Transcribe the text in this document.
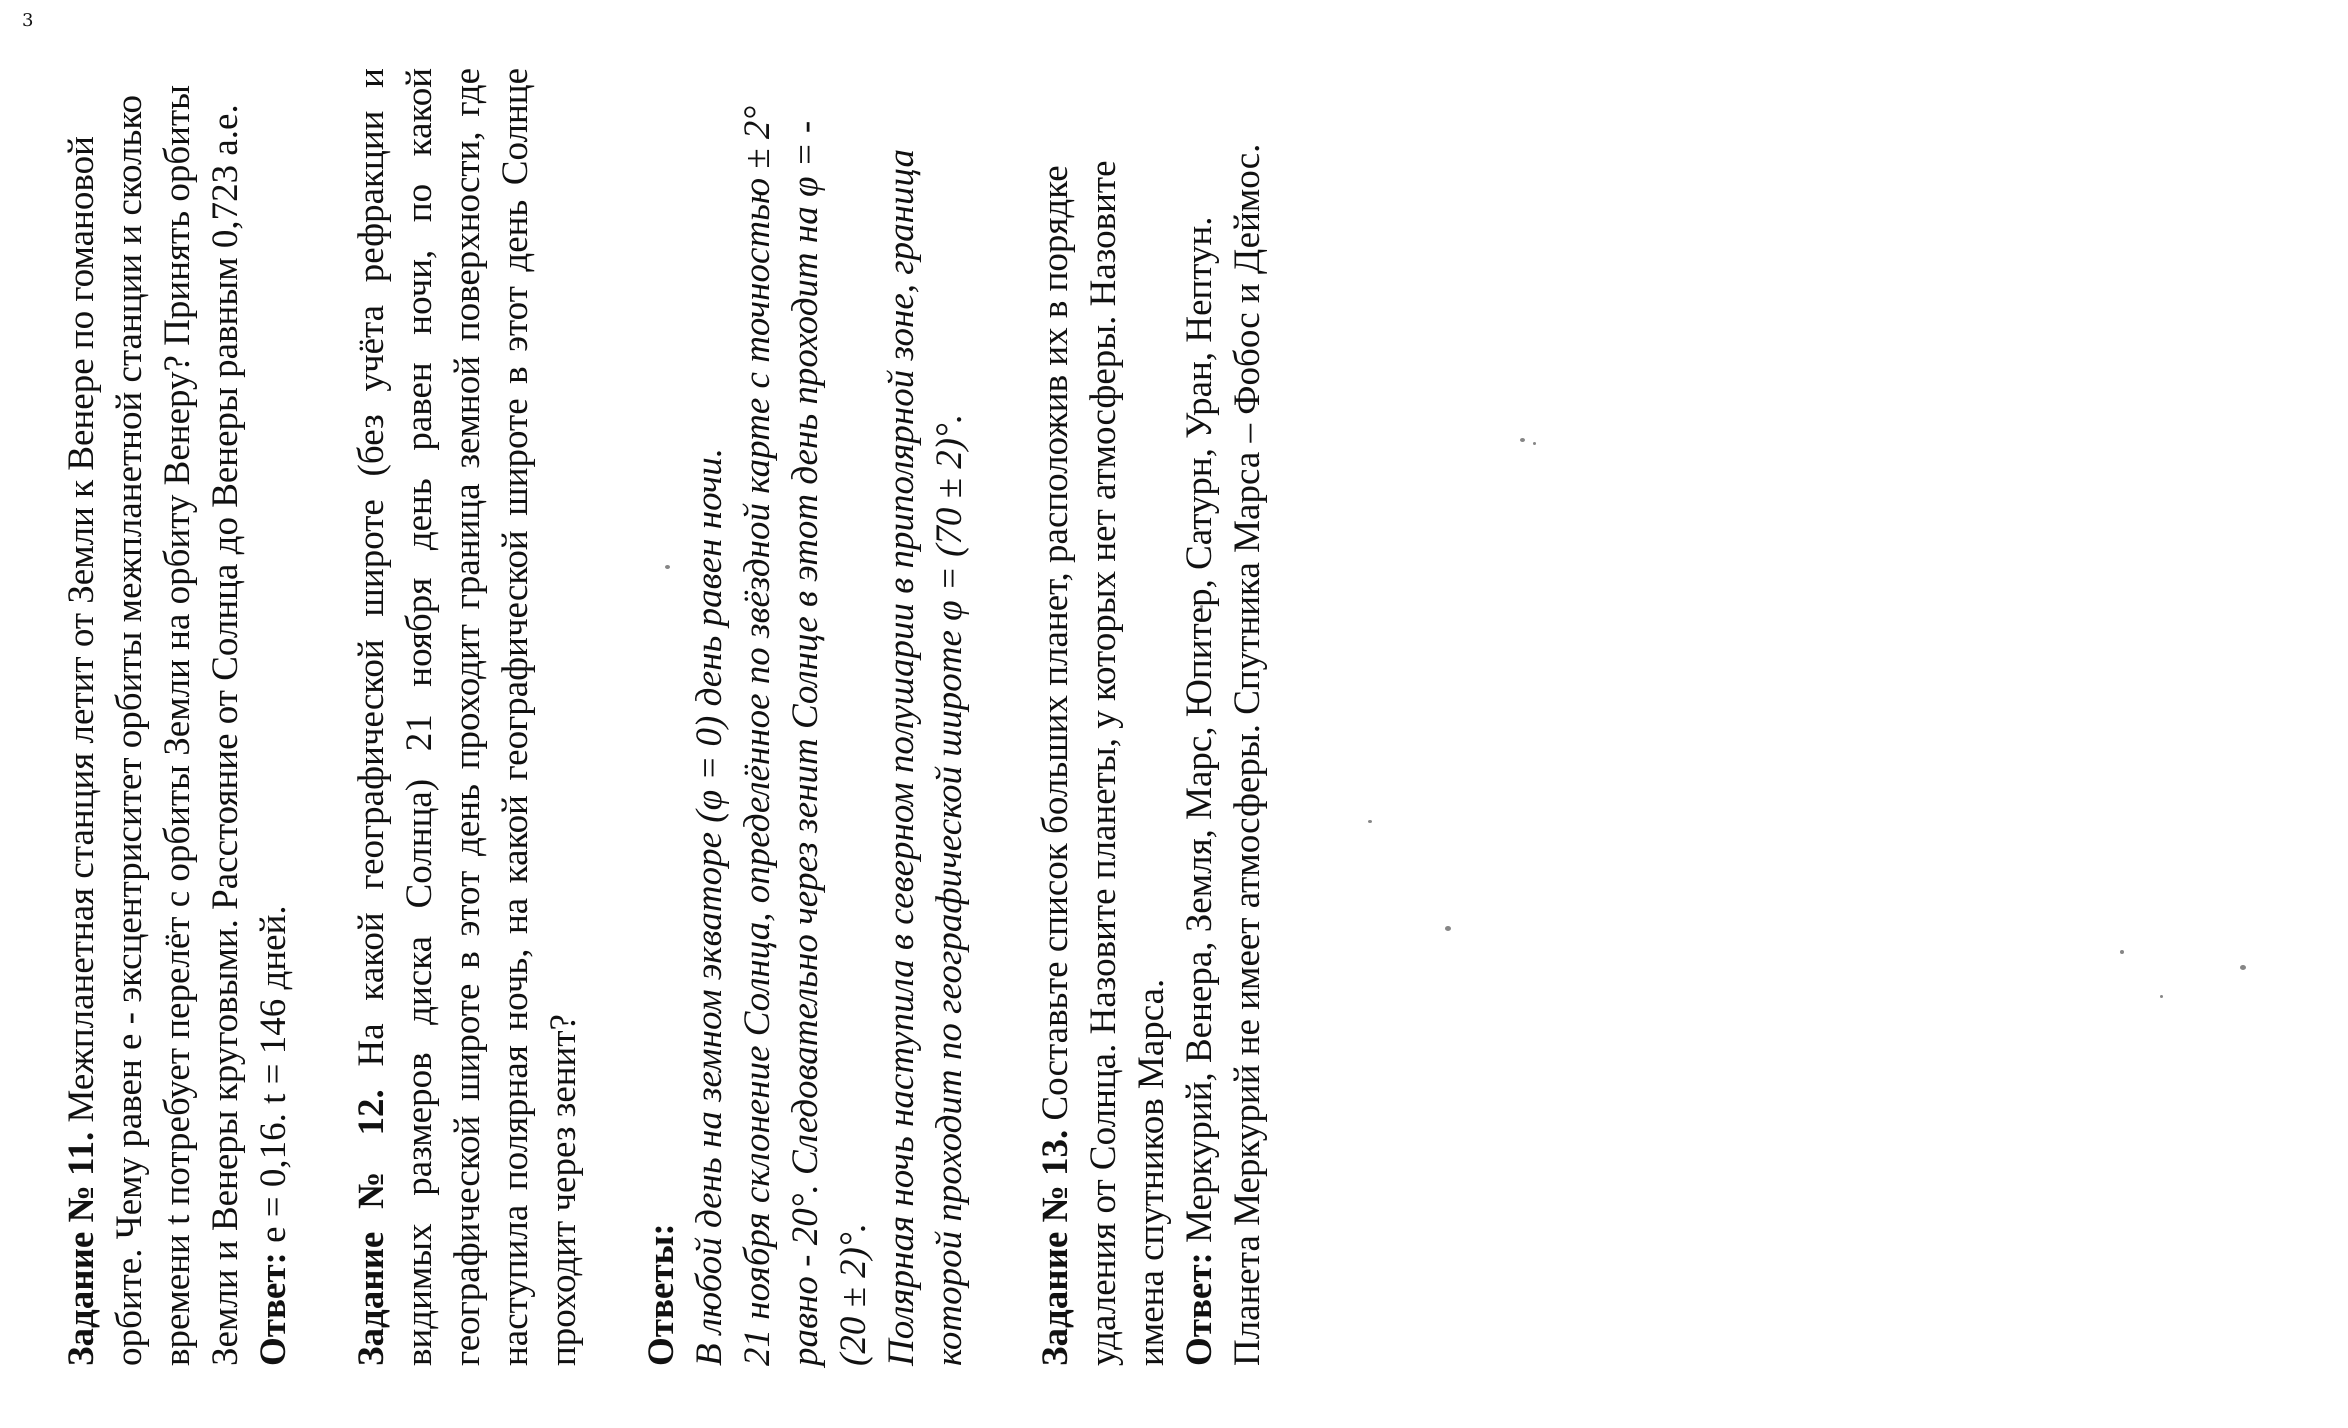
3
Задание № 11. Межпланетная станция летит от Земли к Венере по гомановой орбите. Чему равен e - эксцентриситет орбиты межпланетной станции и сколько времени t потребует перелёт с орбиты Земли на орбиту Венеру? Принять орбиты Земли и Венеры круговыми. Расстояние от Солнца до Венеры равным 0,723 а.е. Ответ: e = 0,16. t = 146 дней. Задание № 12. На какой географической широте (без учёта рефракции и видимых размеров диска Солнца) 21 ноября день равен ночи, по какой географической широте в этот день проходит граница земной поверхности, где наступила полярная ночь, на какой географической широте в этот день Солнце проходит через зенит? Ответы: В любой день на земном экваторе (φ = 0) день равен ночи. 21 ноября склонение Солнца, определённое по звёздной карте с точностью ± 2° равно - 20°. Следовательно через зенит Солнце в этот день проходит на φ = - (20 ± 2)°. Полярная ночь наступила в северном полушарии в приполярной зоне, граница которой проходит по географической широте φ = (70 ± 2)°. Задание № 13. Составьте список больших планет, расположив их в порядке удаления от Солнца. Назовите планеты, у которых нет атмосферы. Назовите имена спутников Марса. Ответ: Меркурий, Венера, Земля, Марс, Юпитер, Сатурн, Уран, Нептун. Планета Меркурий не имеет атмосферы. Спутника Марса – Фобос и Деймос.
